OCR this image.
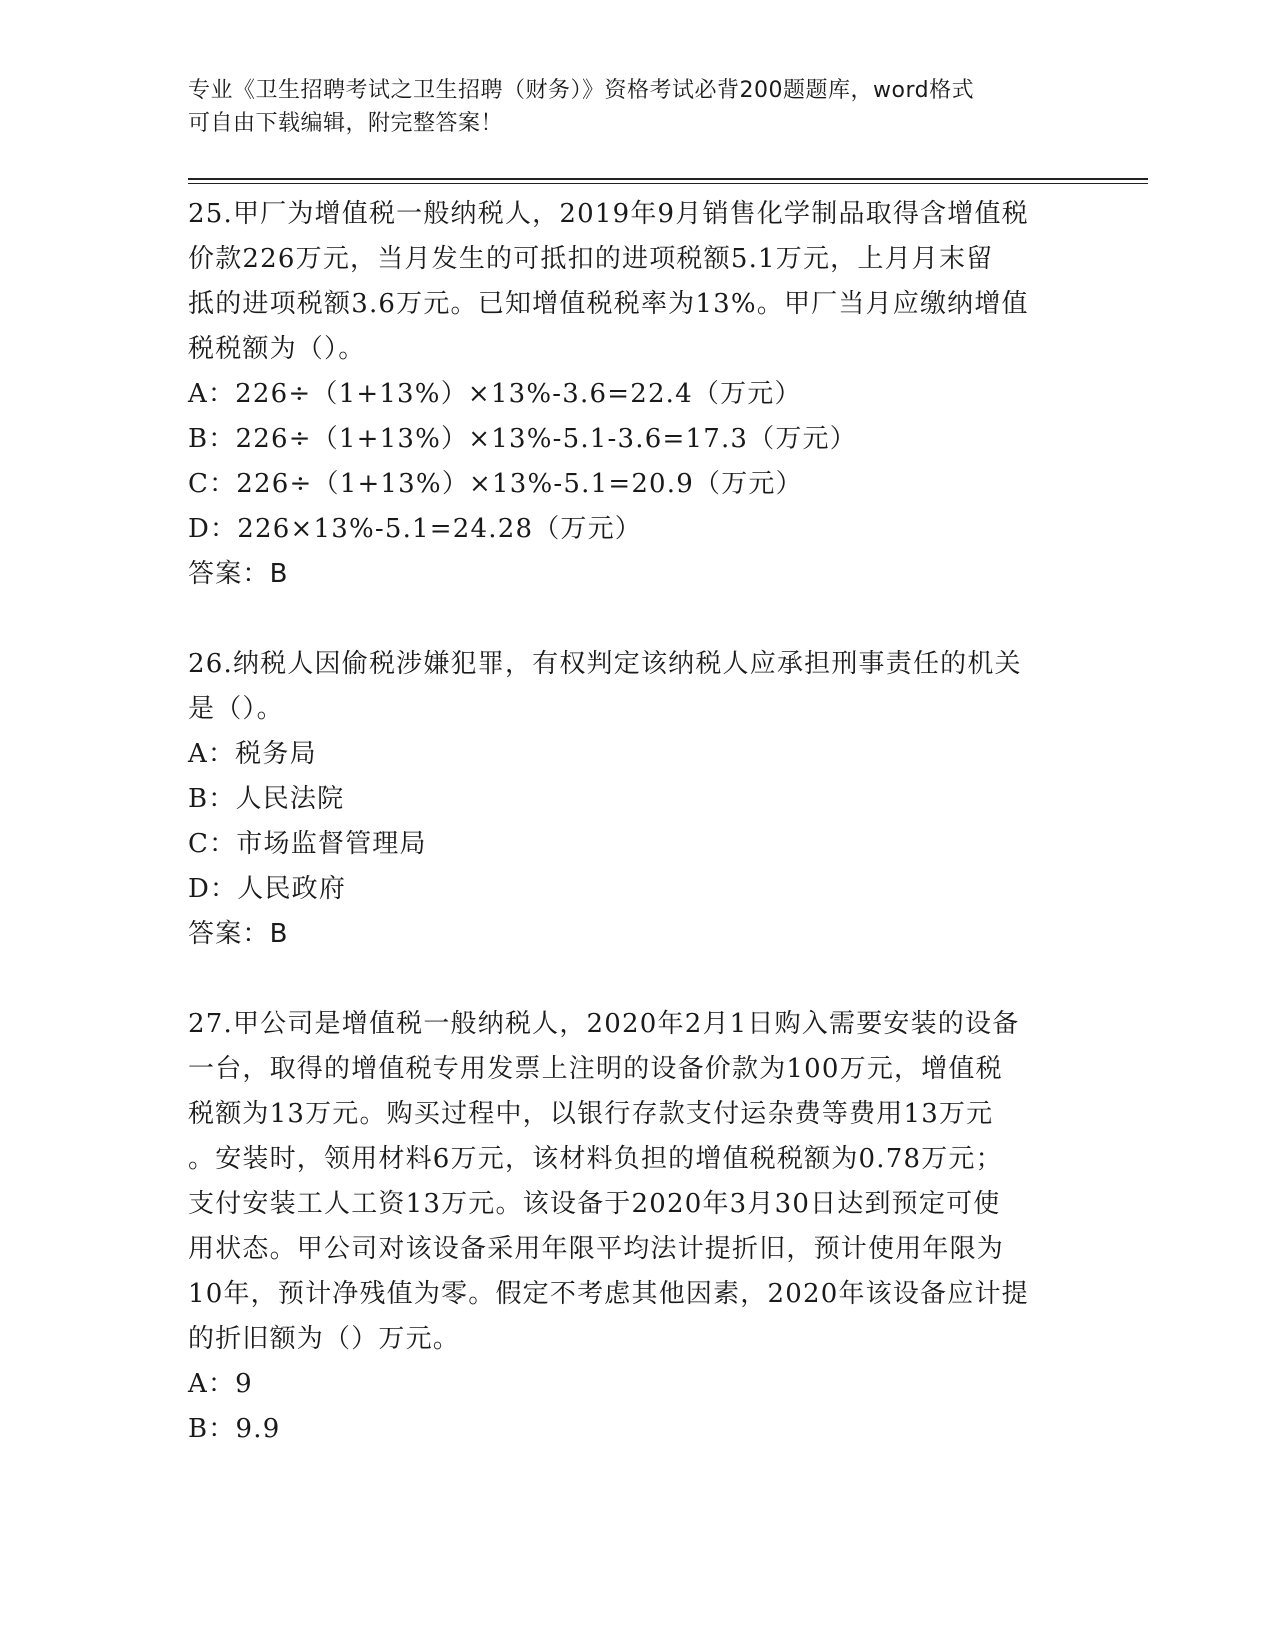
专业《卫生招聘考试之卫生招聘（财务）》资格考试必背200题题库，word格式
可自由下载编辑，附完整答案！
25.甲厂为增值税一般纳税人，2019年9月销售化学制品取得含增值税
价款226万元，当月发生的可抵扣的进项税额5.1万元，上月月末留
抵的进项税额3.6万元。已知增值税税率为13%。甲厂当月应缴纳增值
税税额为（）。
A：226÷（1+13%）×13%-3.6=22.4（万元）
B：226÷（1+13%）×13%-5.1-3.6=17.3（万元）
C：226÷（1+13%）×13%-5.1=20.9（万元）
D：226×13%-5.1=24.28（万元）
答案：B
26.纳税人因偷税涉嫌犯罪，有权判定该纳税人应承担刑事责任的机关
是（）。
A：税务局
B：人民法院
C：市场监督管理局
D：人民政府
答案：B
27.甲公司是增值税一般纳税人，2020年2月1日购入需要安装的设备
一台，取得的增值税专用发票上注明的设备价款为100万元，增值税
税额为13万元。购买过程中，以银行存款支付运杂费等费用13万元
。安装时，领用材料6万元，该材料负担的增值税税额为0.78万元；
支付安装工人工资13万元。该设备于2020年3月30日达到预定可使
用状态。甲公司对该设备采用年限平均法计提折旧，预计使用年限为
10年，预计净残值为零。假定不考虑其他因素，2020年该设备应计提
的折旧额为（）万元。
A：9
B：9.9
